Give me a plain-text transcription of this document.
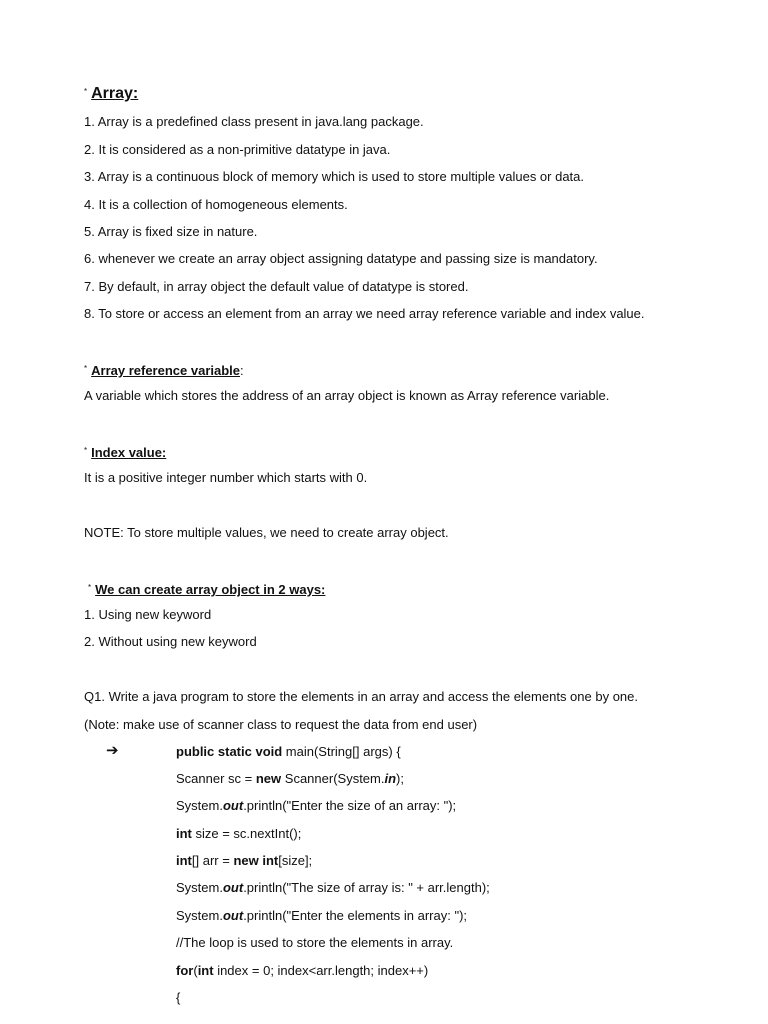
* Array:
1. Array is a predefined class present in java.lang package.
2. It is considered as a non-primitive datatype in java.
3. Array is a continuous block of memory which is used to store multiple values or data.
4. It is a collection of homogeneous elements.
5. Array is fixed size in nature.
6. whenever we create an array object assigning datatype and passing size is mandatory.
7. By default, in array object the default value of datatype is stored.
8. To store or access an element from an array we need array reference variable and index value.
* Array reference variable:
A variable which stores the address of an array object is known as Array reference variable.
* Index value:
It is a positive integer number which starts with 0.
NOTE: To store multiple values, we need to create array object.
* We can create array object in 2 ways:
1. Using new keyword
2. Without using new keyword
Q1. Write a java program to store the elements in an array and access the elements one by one.
(Note: make use of scanner class to request the data from end user)
➔	public static void main(String[] args) {
Scanner sc = new Scanner(System.in);
System.out.println("Enter the size of an array: ");
int size = sc.nextInt();
int[] arr = new int[size];
System.out.println("The size of array is: " + arr.length);
System.out.println("Enter the elements in array: ");
//The loop is used to store the elements in array.
for(int index = 0; index<arr.length; index++)
{
